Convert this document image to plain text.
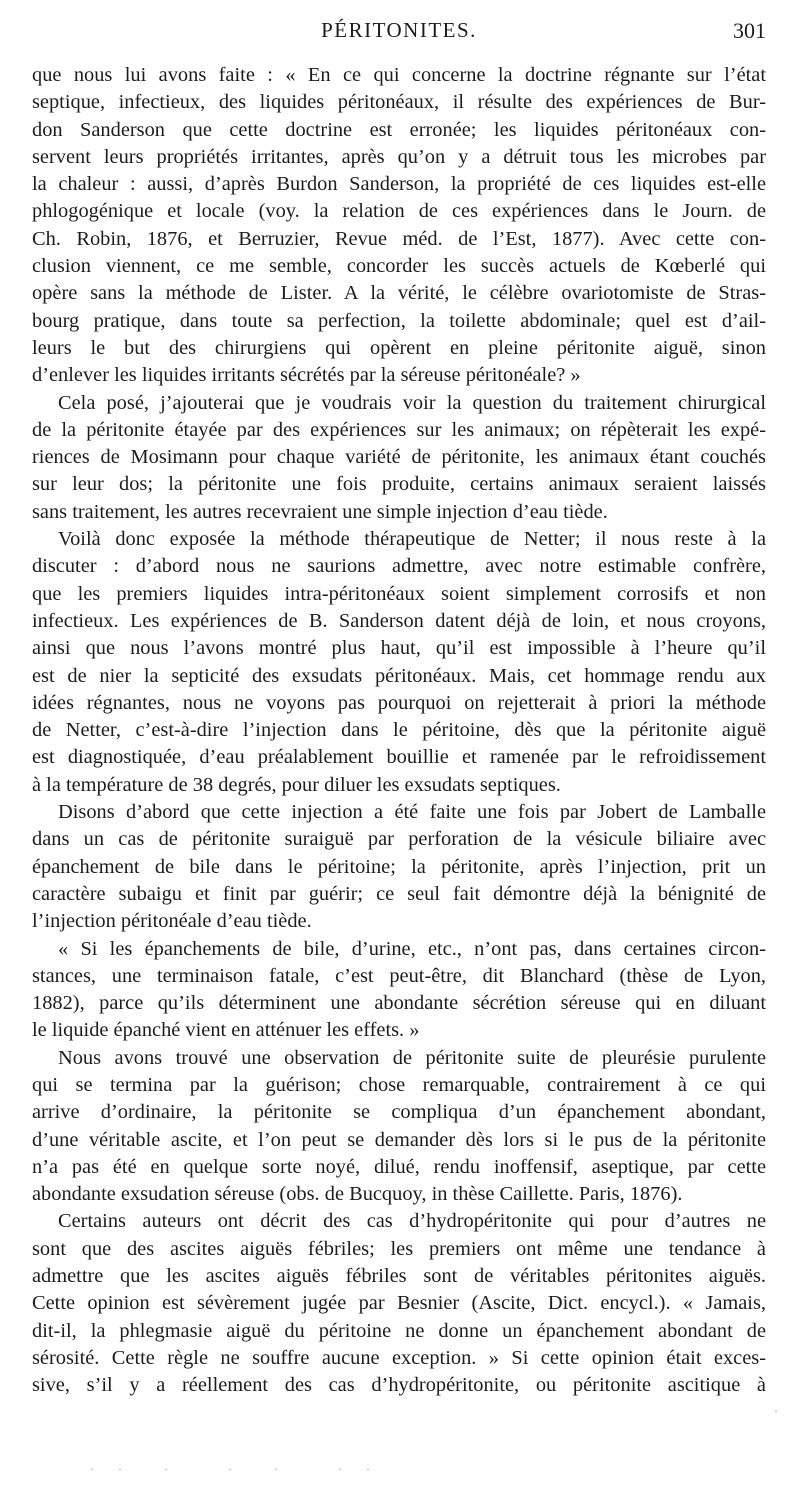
PÉRITONITES.	301
que nous lui avons faite : « En ce qui concerne la doctrine régnante sur l’état
septique, infectieux, des liquides péritonéaux, il résulte des expériences de Bur-
don Sanderson que cette doctrine est erronée; les liquides péritonéaux con-
servent leurs propriétés irritantes, après qu’on y a détruit tous les microbes par
la chaleur : aussi, d’après Burdon Sanderson, la propriété de ces liquides est-elle
phlogogénique et locale (voy. la relation de ces expériences dans le Journ. de
Ch. Robin, 1876, et Berruzier, Revue méd. de l’Est, 1877). Avec cette con-
clusion viennent, ce me semble, concorder les succès actuels de Kœberlé qui
opère sans la méthode de Lister. A la vérité, le célèbre ovariotomiste de Stras-
bourg pratique, dans toute sa perfection, la toilette abdominale; quel est d’ail-
leurs le but des chirurgiens qui opèrent en pleine péritonite aiguë, sinon
d’enlever les liquides irritants sécrétés par la séreuse péritonéale? »
Cela posé, j’ajouterai que je voudrais voir la question du traitement chirurgical
de la péritonite étayée par des expériences sur les animaux; on répèterait les expé-
riences de Mosimann pour chaque variété de péritonite, les animaux étant couchés
sur leur dos; la péritonite une fois produite, certains animaux seraient laissés
sans traitement, les autres recevraient une simple injection d’eau tiède.
Voilà donc exposée la méthode thérapeutique de Netter; il nous reste à la
discuter : d’abord nous ne saurions admettre, avec notre estimable confrère,
que les premiers liquides intra-péritonéaux soient simplement corrosifs et non
infectieux. Les expériences de B. Sanderson datent déjà de loin, et nous croyons,
ainsi que nous l’avons montré plus haut, qu’il est impossible à l’heure qu’il
est de nier la septicité des exsudats péritonéaux. Mais, cet hommage rendu aux
idées régnantes, nous ne voyons pas pourquoi on rejetterait à priori la méthode
de Netter, c’est-à-dire l’injection dans le péritoine, dès que la péritonite aiguë
est diagnostiquée, d’eau préalablement bouillie et ramenée par le refroidissement
à la température de 38 degrés, pour diluer les exsudats septiques.
Disons d’abord que cette injection a été faite une fois par Jobert de Lamballe
dans un cas de péritonite suraiguë par perforation de la vésicule biliaire avec
épanchement de bile dans le péritoine; la péritonite, après l’injection, prit un
caractère subaigu et finit par guérir; ce seul fait démontre déjà la bénignité de
l’injection péritonéale d’eau tiède.
« Si les épanchements de bile, d’urine, etc., n’ont pas, dans certaines circon-
stances, une terminaison fatale, c’est peut-être, dit Blanchard (thèse de Lyon,
1882), parce qu’ils déterminent une abondante sécrétion séreuse qui en diluant
le liquide épanché vient en atténuer les effets. »
Nous avons trouvé une observation de péritonite suite de pleurésie purulente
qui se termina par la guérison; chose remarquable, contrairement à ce qui
arrive d’ordinaire, la péritonite se compliqua d’un épanchement abondant,
d’une véritable ascite, et l’on peut se demander dès lors si le pus de la péritonite
n’a pas été en quelque sorte noyé, dilué, rendu inoffensif, aseptique, par cette
abondante exsudation séreuse (obs. de Bucquoy, in thèse Caillette. Paris, 1876).
Certains auteurs ont décrit des cas d’hydropéritonite qui pour d’autres ne
sont que des ascites aiguës fébriles; les premiers ont même une tendance à
admettre que les ascites aiguës fébriles sont de véritables péritonites aiguës.
Cette opinion est sévèrement jugée par Besnier (Ascite, Dict. encycl.). « Jamais,
dit-il, la phlegmasie aiguë du péritoine ne donne un épanchement abondant de
sérosité. Cette règle ne souffre aucune exception. » Si cette opinion était exces-
sive, s’il y a réellement des cas d’hydropéritonite, ou péritonite ascitique à
·
·  ·    ·      ·    ·      ·  ·
